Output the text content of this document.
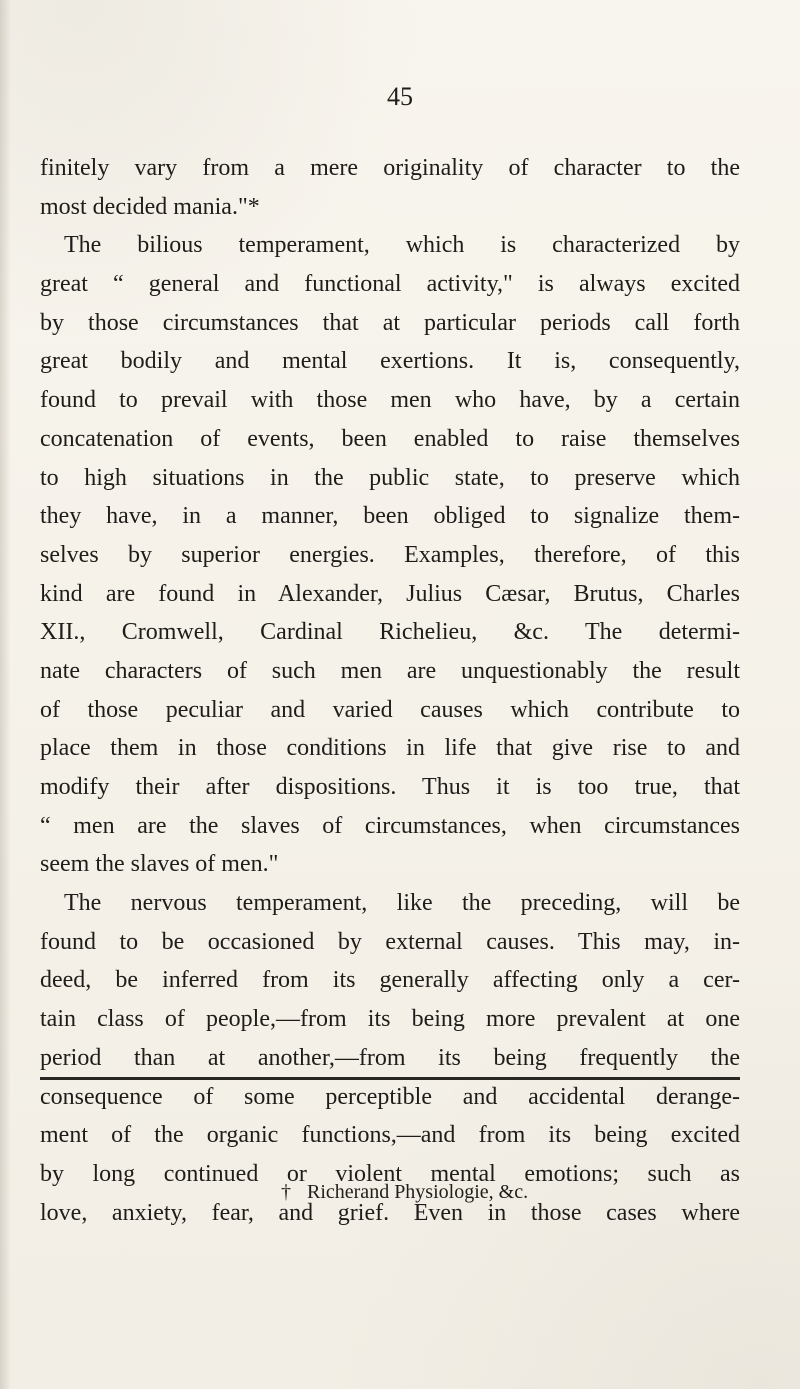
45
finitely vary from a mere originality of character to the
most decided mania."*
The bilious temperament, which is characterized by
great “ general and functional activity," is always excited
by those circumstances that at particular periods call forth
great bodily and mental exertions. It is, consequently,
found to prevail with those men who have, by a certain
concatenation of events, been enabled to raise themselves
to high situations in the public state, to preserve which
they have, in a manner, been obliged to signalize them-
selves by superior energies. Examples, therefore, of this
kind are found in Alexander, Julius Cæsar, Brutus, Charles
XII., Cromwell, Cardinal Richelieu, &c. The determi-
nate characters of such men are unquestionably the result
of those peculiar and varied causes which contribute to
place them in those conditions in life that give rise to and
modify their after dispositions. Thus it is too true, that
“ men are the slaves of circumstances, when circumstances
seem the slaves of men."
The nervous temperament, like the preceding, will be
found to be occasioned by external causes. This may, in-
deed, be inferred from its generally affecting only a cer-
tain class of people,—from its being more prevalent at one
period than at another,—from its being frequently the
consequence of some perceptible and accidental derange-
ment of the organic functions,—and from its being excited
by long continued or violent mental emotions; such as
love, anxiety, fear, and grief. Even in those cases where
† Richerand Physiologie, &c.
